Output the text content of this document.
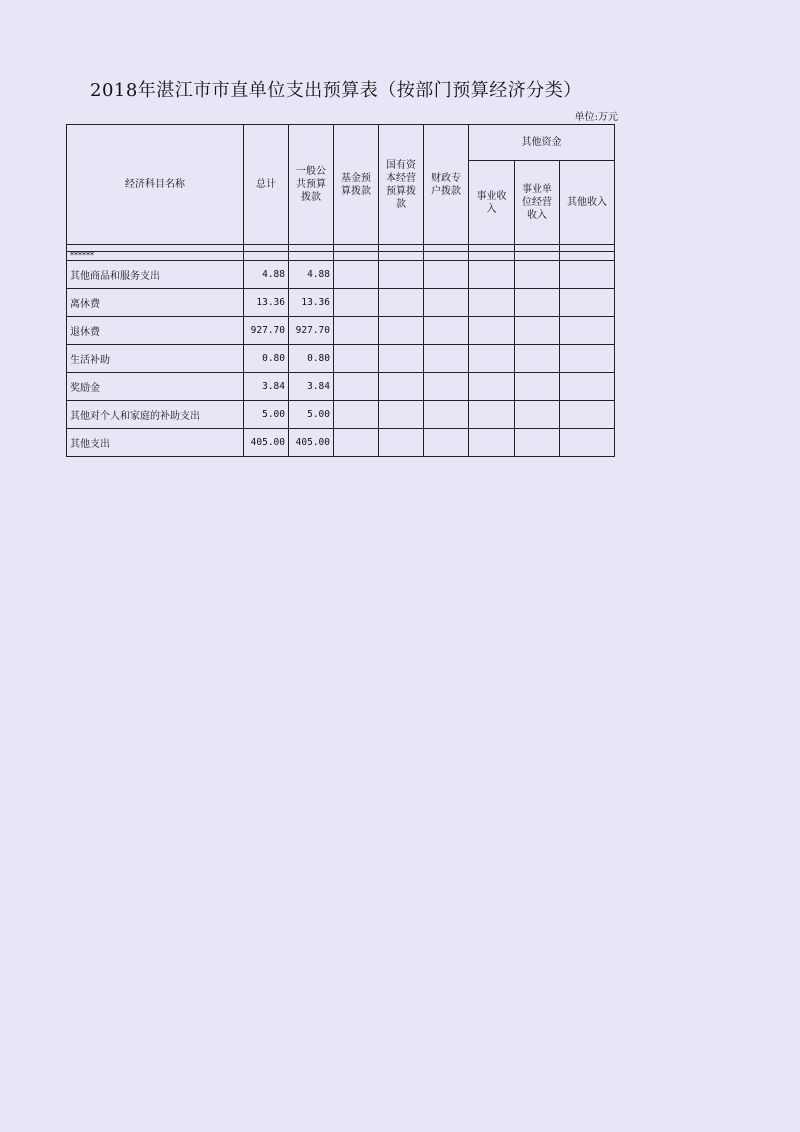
2018年湛江市市直单位支出预算表（按部门预算经济分类）
单位:万元
经济科目名称	总计	一般公共预算拨款	基金预算拨款	国有资本经营预算拨款	财政专户拨款	其他资金		
						事业收入	事业单位经营收入	其他收入

******								
其他商品和服务支出	4.88	4.88						
离休费	13.36	13.36						
退休费	927.70	927.70						
生活补助	0.80	0.80						
奖励金	3.84	3.84						
其他对个人和家庭的补助支出	5.00	5.00						
其他支出	405.00	405.00						
